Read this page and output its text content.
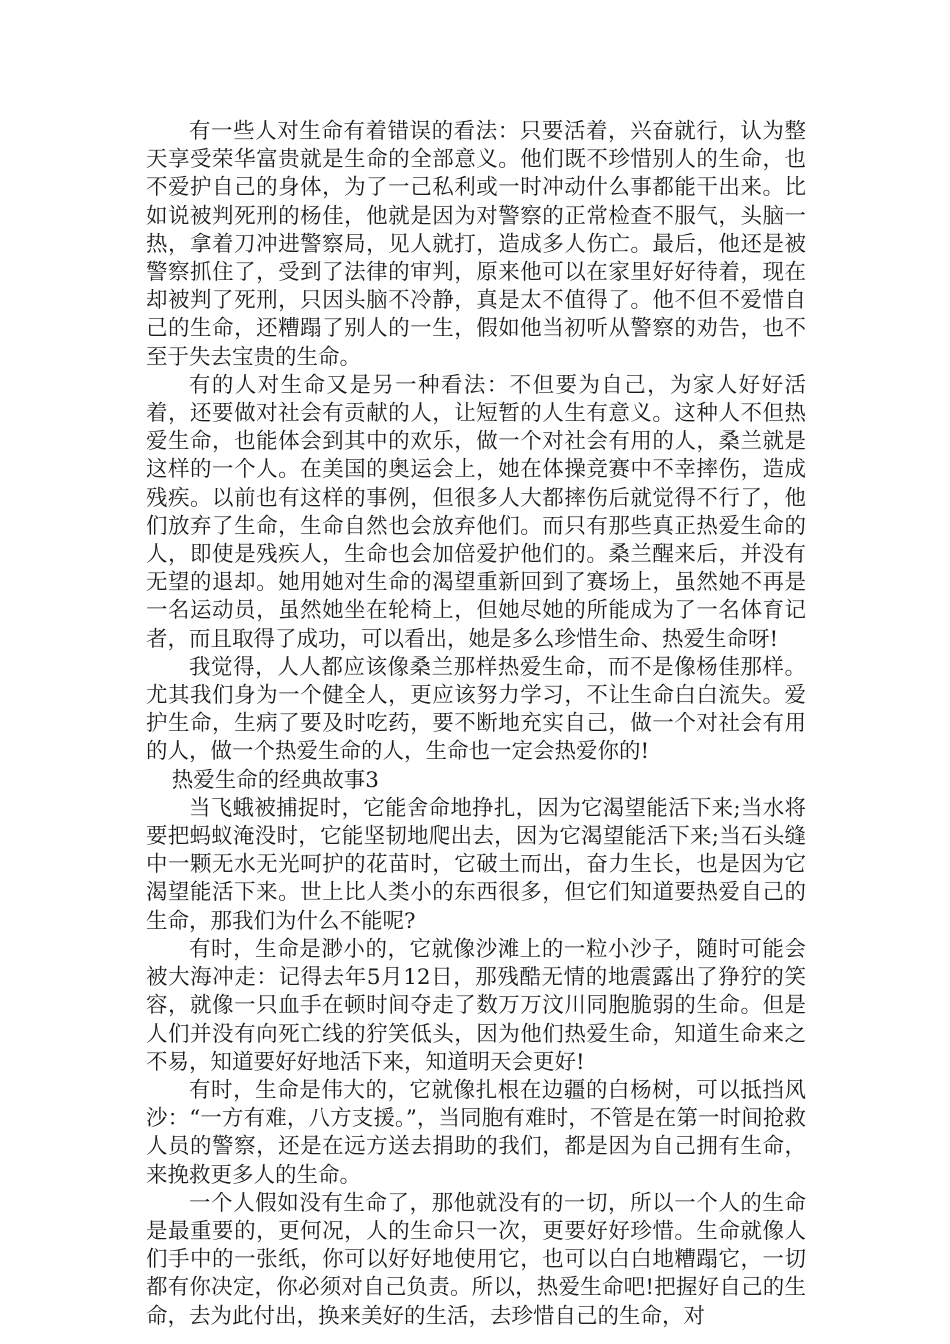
有一些人对生命有着错误的看法：只要活着，兴奋就行，认为整天享受荣华富贵就是生命的全部意义。他们既不珍惜别人的生命，也不爱护自己的身体，为了一己私利或一时冲动什么事都能干出来。比如说被判死刑的杨佳，他就是因为对警察的正常检查不服气，头脑一热，拿着刀冲进警察局，见人就打，造成多人伤亡。最后，他还是被警察抓住了，受到了法律的审判，原来他可以在家里好好待着，现在却被判了死刑，只因头脑不冷静，真是太不值得了。他不但不爱惜自己的生命，还糟蹋了别人的一生，假如他当初听从警察的劝告，也不至于失去宝贵的生命。

有的人对生命又是另一种看法：不但要为自己，为家人好好活着，还要做对社会有贡献的人，让短暂的人生有意义。这种人不但热爱生命，也能体会到其中的欢乐，做一个对社会有用的人，桑兰就是这样的一个人。在美国的奥运会上，她在体操竞赛中不幸摔伤，造成残疾。以前也有这样的事例，但很多人大都摔伤后就觉得不行了，他们放弃了生命，生命自然也会放弃他们。而只有那些真正热爱生命的人，即使是残疾人，生命也会加倍爱护他们的。桑兰醒来后，并没有无望的退却。她用她对生命的渴望重新回到了赛场上，虽然她不再是一名运动员，虽然她坐在轮椅上，但她尽她的所能成为了一名体育记者，而且取得了成功，可以看出，她是多么珍惜生命、热爱生命呀!

我觉得，人人都应该像桑兰那样热爱生命，而不是像杨佳那样。尤其我们身为一个健全人，更应该努力学习，不让生命白白流失。爱护生命，生病了要及时吃药，要不断地充实自己，做一个对社会有用的人，做一个热爱生命的人，生命也一定会热爱你的!

热爱生命的经典故事3

当飞蛾被捕捉时，它能舍命地挣扎，因为它渴望能活下来;当水将要把蚂蚁淹没时，它能坚韧地爬出去，因为它渴望能活下来;当石头缝中一颗无水无光呵护的花苗时，它破土而出，奋力生长，也是因为它渴望能活下来。世上比人类小的东西很多，但它们知道要热爱自己的生命，那我们为什么不能呢?

有时，生命是渺小的，它就像沙滩上的一粒小沙子，随时可能会被大海冲走：记得去年5月12日，那残酷无情的地震露出了狰狞的笑容，就像一只血手在顿时间夺走了数万万汶川同胞脆弱的生命。但是人们并没有向死亡线的狞笑低头，因为他们热爱生命，知道生命来之不易，知道要好好地活下来，知道明天会更好!

有时，生命是伟大的，它就像扎根在边疆的白杨树，可以抵挡风沙：“一方有难，八方支援。”，当同胞有难时，不管是在第一时间抢救人员的警察，还是在远方送去捐助的我们，都是因为自己拥有生命，来挽救更多人的生命。

一个人假如没有生命了，那他就没有的一切，所以一个人的生命是最重要的，更何况，人的生命只一次，更要好好珍惜。生命就像人们手中的一张纸，你可以好好地使用它，也可以白白地糟蹋它，一切都有你决定，你必须对自己负责。所以，热爱生命吧!把握好自己的生命，去为此付出，换来美好的生活，去珍惜自己的生命，对
